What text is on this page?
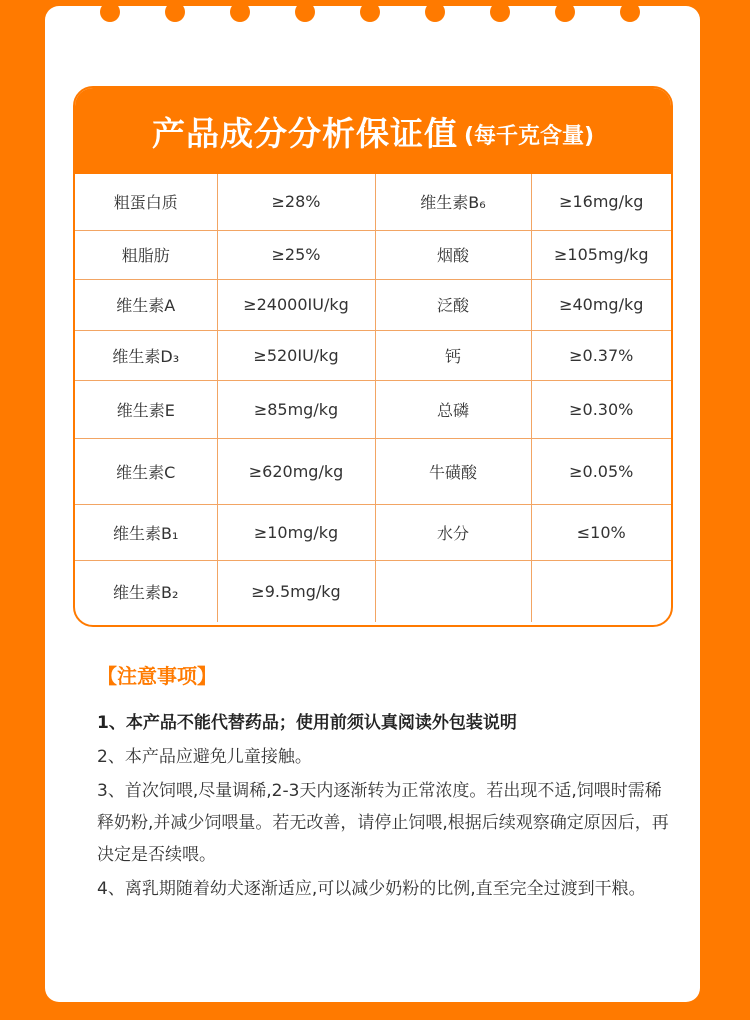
产品成分分析保证值 (每千克含量)
粗蛋白质	≥28%	维生素B₆	≥16mg/kg
粗脂肪	≥25%	烟酸	≥105mg/kg
维生素A	≥24000IU/kg	泛酸	≥40mg/kg
维生素D₃	≥520IU/kg	钙	≥0.37%
维生素E	≥85mg/kg	总磷	≥0.30%
维生素C	≥620mg/kg	牛磺酸	≥0.05%
维生素B₁	≥10mg/kg	水分	≤10%
维生素B₂	≥9.5mg/kg		
【注意事项】
1、本产品不能代替药品；使用前须认真阅读外包装说明
2、本产品应避免儿童接触。
3、首次饲喂,尽量调稀,2-3天内逐渐转为正常浓度。若出现不适,饲喂时需稀释奶粉,并减少饲喂量。若无改善，请停止饲喂,根据后续观察确定原因后，再决定是否续喂。
4、离乳期随着幼犬逐渐适应,可以减少奶粉的比例,直至完全过渡到干粮。
